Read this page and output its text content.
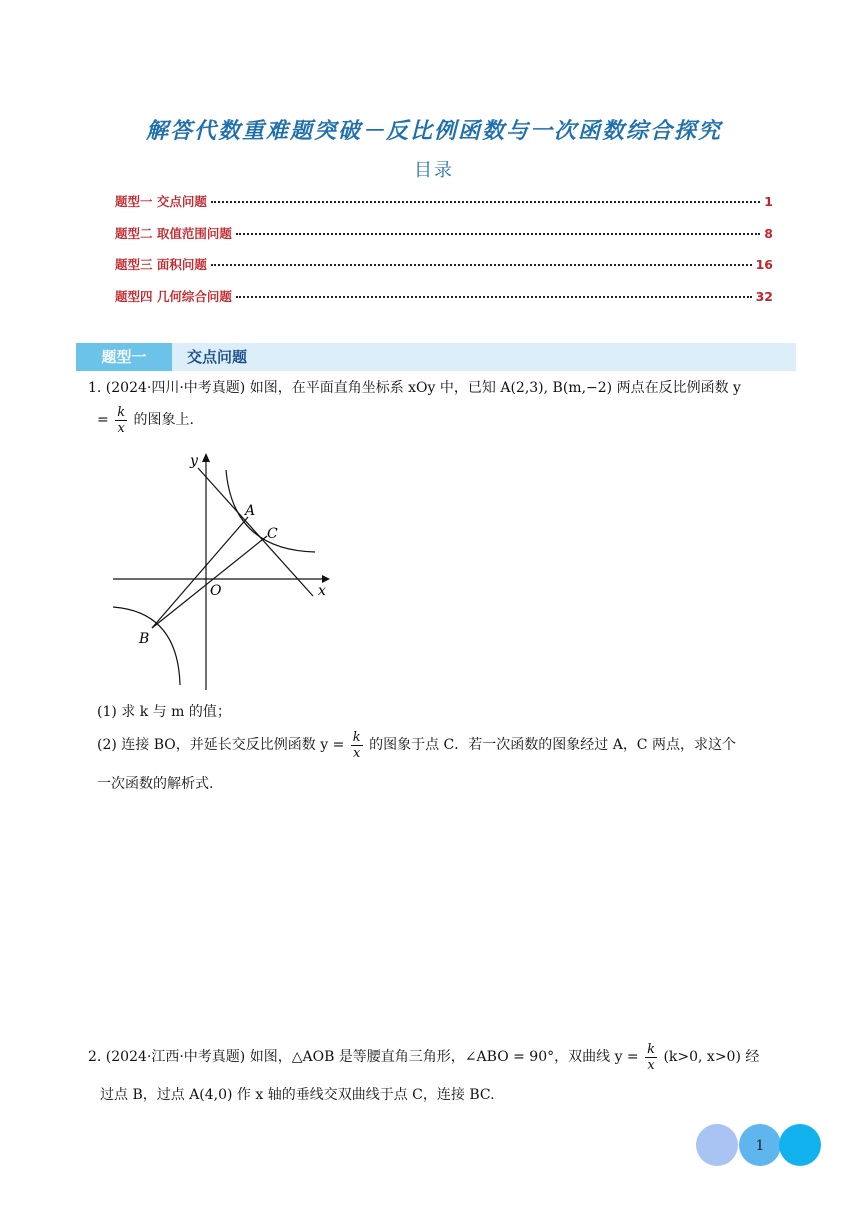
解答代数重难题突破－反比例函数与一次函数综合探究
目录
题型一 交点问题	1
题型二 取值范围问题	8
题型三 面积问题	16
题型四 几何综合问题	32
题型一	交点问题
1. (2024·四川·中考真题) 如图，在平面直角坐标系 xOy 中，已知 A(2,3), B(m,−2) 两点在反比例函数 y
= $\frac{k}{x}$ 的图象上.
y
x
O
A
C
B
(1) 求 k 与 m 的值；
(2) 连接 BO，并延长交反比例函数 $y = \frac{k}{x}$ 的图象于点 C．若一次函数的图象经过 A，C 两点，求这个
一次函数的解析式.
2. (2024·江西·中考真题) 如图，△AOB 是等腰直角三角形，∠ABO = 90°，双曲线 $y = \frac{k}{x} (k>0$, x>0) 经
过点 B，过点 A(4,0) 作 x 轴的垂线交双曲线于点 C，连接 BC.
1
